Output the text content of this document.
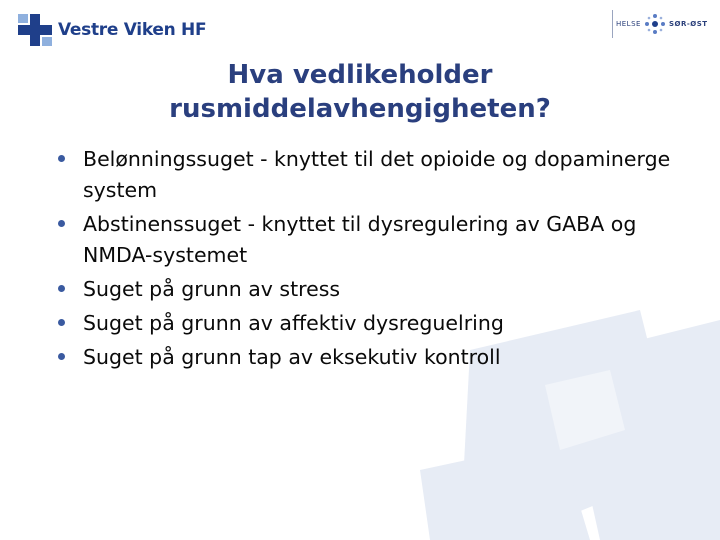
Vestre Viken HF	HELSE	SØR-ØST
Hva vedlikeholder
rusmiddelavhengigheten?
Belønningssuget - knyttet til det opioide og dopaminerge system
Abstinenssuget - knyttet til dysregulering av GABA og NMDA-systemet
Suget på grunn av stress
Suget på grunn av affektiv dysreguelring
Suget på grunn tap av eksekutiv kontroll
